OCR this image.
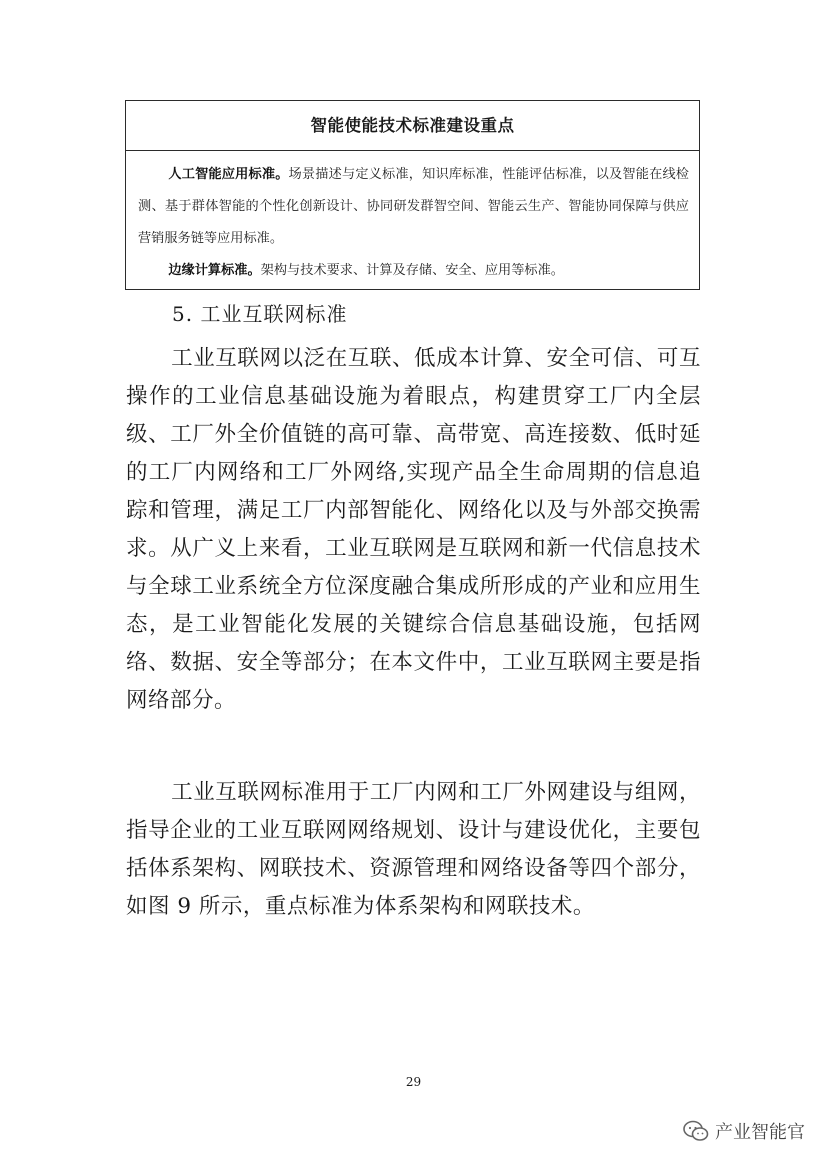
智能使能技术标准建设重点

人工智能应用标准。场景描述与定义标准，知识库标准，性能评估标准，以及智能在线检测、基于群体智能的个性化创新设计、协同研发群智空间、智能云生产、智能协同保障与供应营销服务链等应用标准。

边缘计算标准。架构与技术要求、计算及存储、安全、应用等标准。

5. 工业互联网标准

工业互联网以泛在互联、低成本计算、安全可信、可互操作的工业信息基础设施为着眼点，构建贯穿工厂内全层级、工厂外全价值链的高可靠、高带宽、高连接数、低时延的工厂内网络和工厂外网络,实现产品全生命周期的信息追踪和管理，满足工厂内部智能化、网络化以及与外部交换需求。从广义上来看，工业互联网是互联网和新一代信息技术与全球工业系统全方位深度融合集成所形成的产业和应用生态，是工业智能化发展的关键综合信息基础设施，包括网络、数据、安全等部分；在本文件中，工业互联网主要是指网络部分。

工业互联网标准用于工厂内网和工厂外网建设与组网，指导企业的工业互联网网络规划、设计与建设优化，主要包括体系架构、网联技术、资源管理和网络设备等四个部分，如图 9 所示，重点标准为体系架构和网联技术。

29
产业智能官
